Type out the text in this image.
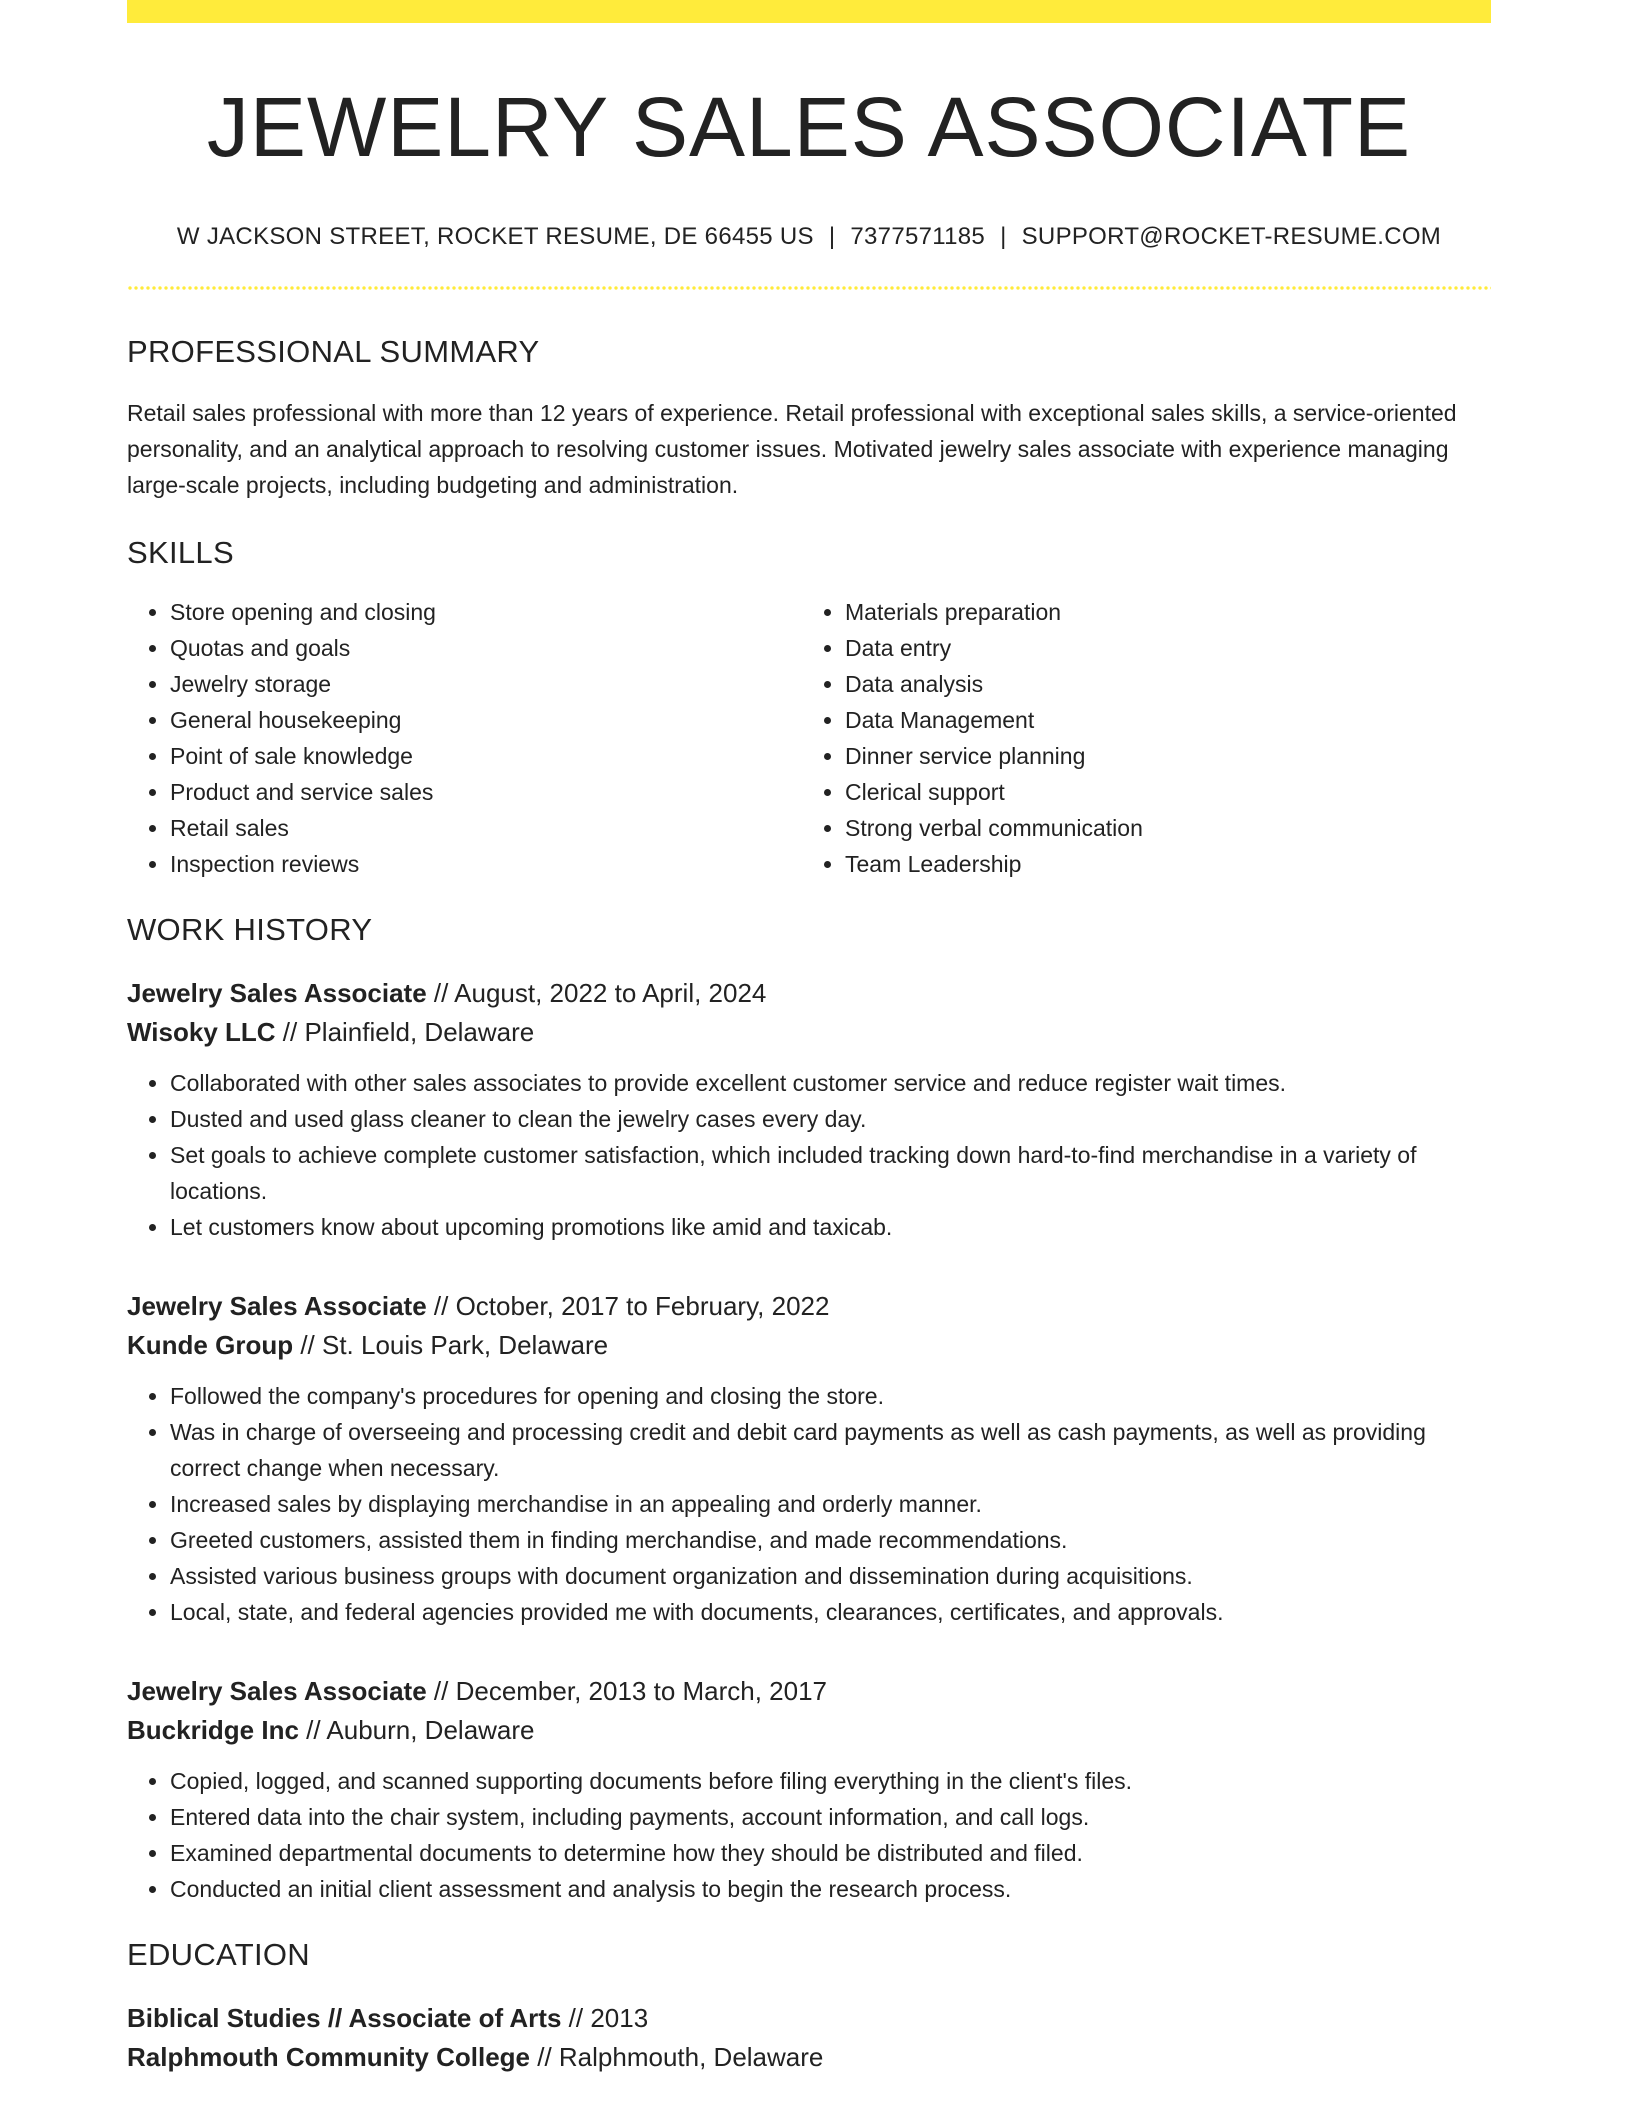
JEWELRY SALES ASSOCIATE
W JACKSON STREET, ROCKET RESUME, DE 66455 US | 7377571185 | SUPPORT@ROCKET-RESUME.COM
PROFESSIONAL SUMMARY

Retail sales professional with more than 12 years of experience. Retail professional with exceptional sales skills, a service-oriented personality, and an analytical approach to resolving customer issues. Motivated jewelry sales associate with experience managing large-scale projects, including budgeting and administration.

SKILLS
• Store opening and closing
• Quotas and goals
• Jewelry storage
• General housekeeping
• Point of sale knowledge
• Product and service sales
• Retail sales
• Inspection reviews
• Materials preparation
• Data entry
• Data analysis
• Data Management
• Dinner service planning
• Clerical support
• Strong verbal communication
• Team Leadership
WORK HISTORY
Jewelry Sales Associate // August, 2022 to April, 2024
Wisoky LLC // Plainfield, Delaware
• Collaborated with other sales associates to provide excellent customer service and reduce register wait times.
• Dusted and used glass cleaner to clean the jewelry cases every day.
• Set goals to achieve complete customer satisfaction, which included tracking down hard-to-find merchandise in a variety of locations.
• Let customers know about upcoming promotions like amid and taxicab.
Jewelry Sales Associate // October, 2017 to February, 2022
Kunde Group // St. Louis Park, Delaware
• Followed the company's procedures for opening and closing the store.
• Was in charge of overseeing and processing credit and debit card payments as well as cash payments, as well as providing correct change when necessary.
• Increased sales by displaying merchandise in an appealing and orderly manner.
• Greeted customers, assisted them in finding merchandise, and made recommendations.
• Assisted various business groups with document organization and dissemination during acquisitions.
• Local, state, and federal agencies provided me with documents, clearances, certificates, and approvals.
Jewelry Sales Associate // December, 2013 to March, 2017
Buckridge Inc // Auburn, Delaware
• Copied, logged, and scanned supporting documents before filing everything in the client's files.
• Entered data into the chair system, including payments, account information, and call logs.
• Examined departmental documents to determine how they should be distributed and filed.
• Conducted an initial client assessment and analysis to begin the research process.
EDUCATION
Biblical Studies // Associate of Arts // 2013
Ralphmouth Community College // Ralphmouth, Delaware
